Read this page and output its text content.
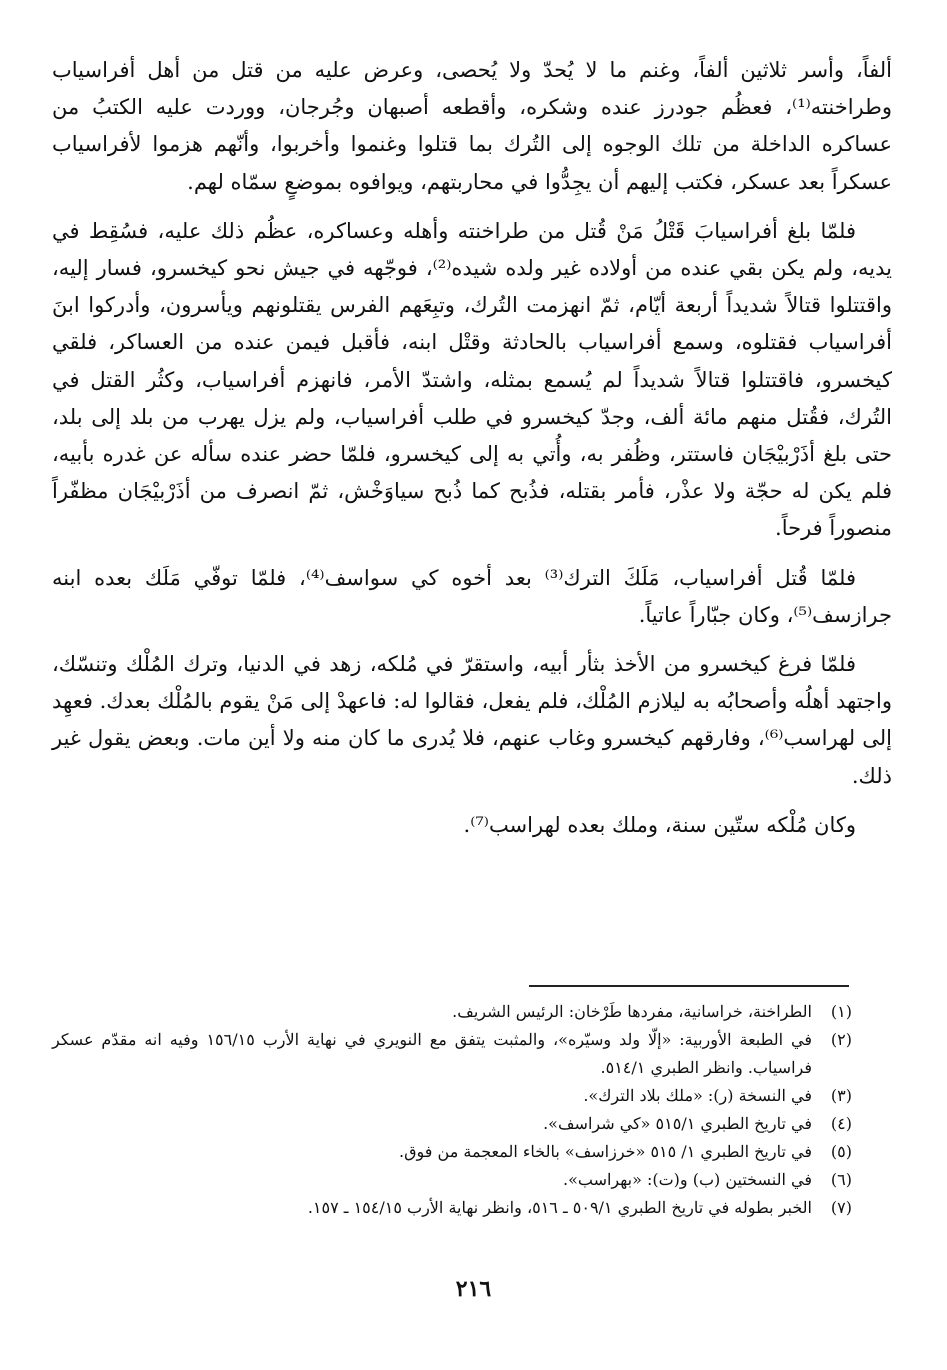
ألفاً، وأسر ثلاثين ألفاً، وغنم ما لا يُحدّ ولا يُحصى، وعرض عليه من قتل من أهل أفراسياب وطراخنته⁽¹⁾، فعظُم جودرز عنده وشكره، وأقطعه أصبهان وجُرجان، ووردت عليه الكتبُ من عساكره الداخلة من تلك الوجوه إلى التُرك بما قتلوا وغنموا وأخربوا، وأنّهم هزموا لأفراسياب عسكراً بعد عسكر، فكتب إليهم أن يجِدُّوا في محاربتهم، ويوافوه بموضعٍ سمّاه لهم.

فلمّا بلغ أفراسيابَ قَتْلُ مَنْ قُتل من طراخنته وأهله وعساكره، عظُم ذلك عليه، فسُقِط في يديه، ولم يكن بقي عنده من أولاده غير ولده شيده⁽²⁾، فوجّهه في جيش نحو كيخسرو، فسار إليه، واقتتلوا قتالاً شديداً أربعة أيّام، ثمّ انهزمت التُرك، وتبِعَهم الفرس يقتلونهم ويأسرون، وأدركوا ابنَ أفراسياب فقتلوه، وسمع أفراسياب بالحادثة وقتْل ابنه، فأقبل فيمن عنده من العساكر، فلقي كيخسرو، فاقتتلوا قتالاً شديداً لم يُسمع بمثله، واشتدّ الأمر، فانهزم أفراسياب، وكثُر القتل في التُرك، فقُتل منهم مائة ألف، وجدّ كيخسرو في طلب أفراسياب، ولم يزل يهرب من بلد إلى بلد، حتى بلغ أذَرْبيْجَان فاستتر، وظُفر به، وأُتي به إلى كيخسرو، فلمّا حضر عنده سأله عن غدره بأبيه، فلم يكن له حجّة ولا عذْر، فأمر بقتله، فذُبح كما ذُبح سياوَخْش، ثمّ انصرف من أذَرْبيْجَان مظفّراً منصوراً فرحاً.

فلمّا قُتل أفراسياب، مَلَكَ الترك⁽³⁾ بعد أخوه كي سواسف⁽⁴⁾، فلمّا توفّي مَلَك بعده ابنه جرازسف⁽⁵⁾، وكان جبّاراً عاتياً.

فلمّا فرغ كيخسرو من الأخذ بثأر أبيه، واستقرّ في مُلكه، زهد في الدنيا، وترك المُلْك وتنسّك، واجتهد أهلُه وأصحابُه به ليلازم المُلْك، فلم يفعل، فقالوا له: فاعهدْ إلى مَنْ يقوم بالمُلْك بعدك. فعهِد إلى لهراسب⁽⁶⁾، وفارقهم كيخسرو وغاب عنهم، فلا يُدرى ما كان منه ولا أين مات. وبعض يقول غير ذلك.

وكان مُلْكه ستّين سنة، وملك بعده لهراسب⁽⁷⁾.

(١)
الطراخنة، خراسانية، مفردها طَرْخان: الرئيس الشريف.
(٢)
في الطبعة الأوربية: «إلّا ولد وسيّره»، والمثبت يتفق مع النويري في نهاية الأرب ١٥٦/١٥ وفيه انه مقدّم عسكر فراسياب. وانظر الطبري ٥١٤/١.
(٣)
في النسخة (ر): «ملك بلاد الترك».
(٤)
في تاريخ الطبري ٥١٥/١ «كي شراسف».
(٥)
في تاريخ الطبري ١/ ٥١٥ «خرزاسف» بالخاء المعجمة من فوق.
(٦)
في النسختين (ب) و(ت): «بهراسب».
(٧)
الخبر بطوله في تاريخ الطبري ٥٠٩/١ ـ ٥١٦، وانظر نهاية الأرب ١٥٤/١٥ ـ ١٥٧.
٢١٦
